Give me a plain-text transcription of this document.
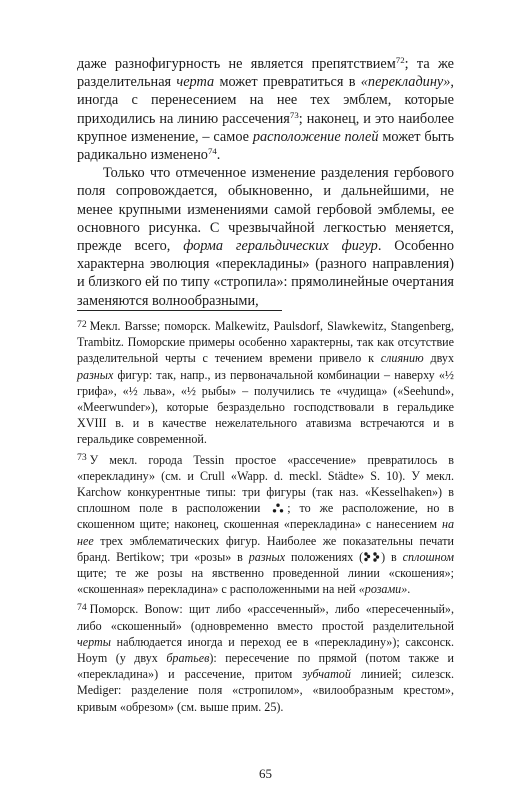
даже разнофигурность не является препятствием$^{72}$; та же разделительная черта может превратиться в «перекладину», иногда с перенесением на нее тех эмблем, которые приходились на линию рассечения$^{73}$; наконец, и это наиболее крупное изменение, – самое расположение полей может быть радикально изменено$^{74}$.

Только что отмеченное изменение разделения гербового поля сопровождается, обыкновенно, и дальнейшими, не менее крупными изменениями самой гербовой эмблемы, ее основного рисунка. С чрезвычайной легкостью меняется, прежде всего, форма геральдических фигур. Особенно характерна эволюция «перекладины» (разного направления) и близкого ей по типу «стропила»: прямолинейные очертания заменяются волнообразными,

$^{72}$ Мекл. Barsse; поморск. Malkewitz, Paulsdorf, Slawkewitz, Stangenberg, Trambitz. Поморские примеры особенно характерны, так как отсутствие разделительной черты с течением времени привело к слиянию двух разных фигур: так, напр., из первоначальной комбинации – наверху «½ грифа», «½ льва», «½ рыбы» – получились те «чудища» («Seehund», «Meerwunder»), которые безраздельно господствовали в геральдике XVIII в. и в качестве нежелательного атавизма встречаются и в геральдике современной.

$^{73}$ У мекл. города Tessin простое «рассечение» превратилось в «перекладину» (см. и Crull «Wapp. d. meckl. Städte» S. 10). У мекл. Karchow конкурентные типы: три фигуры (так наз. «Kesselhaken») в сплошном поле в расположении ; то же расположение, но в скошенном щите; наконец, скошенная «перекладина» с нанесением на нее трех эмблематических фигур. Наиболее же показательны печати бранд. Bertikow; три «розы» в разных положениях ( ) в сплошном щите; те же розы на явственно проведенной линии «скошения»; «скошенная» перекладина» с расположенными на ней «розами».

$^{74}$ Поморск. Bonow: щит либо «рассеченный», либо «пересеченный», либо «скошенный» (одновременно вместо простой разделительной черты наблюдается иногда и переход ее в «перекладину»); саксонск. Hoym (у двух братьев): пересечение по прямой (потом также и «перекладина») и рассечение, притом зубчатой линией; силезск. Mediger: разделение поля «стропилом», «вилообразным крестом», кривым «обрезом» (см. выше прим. 25).

65
